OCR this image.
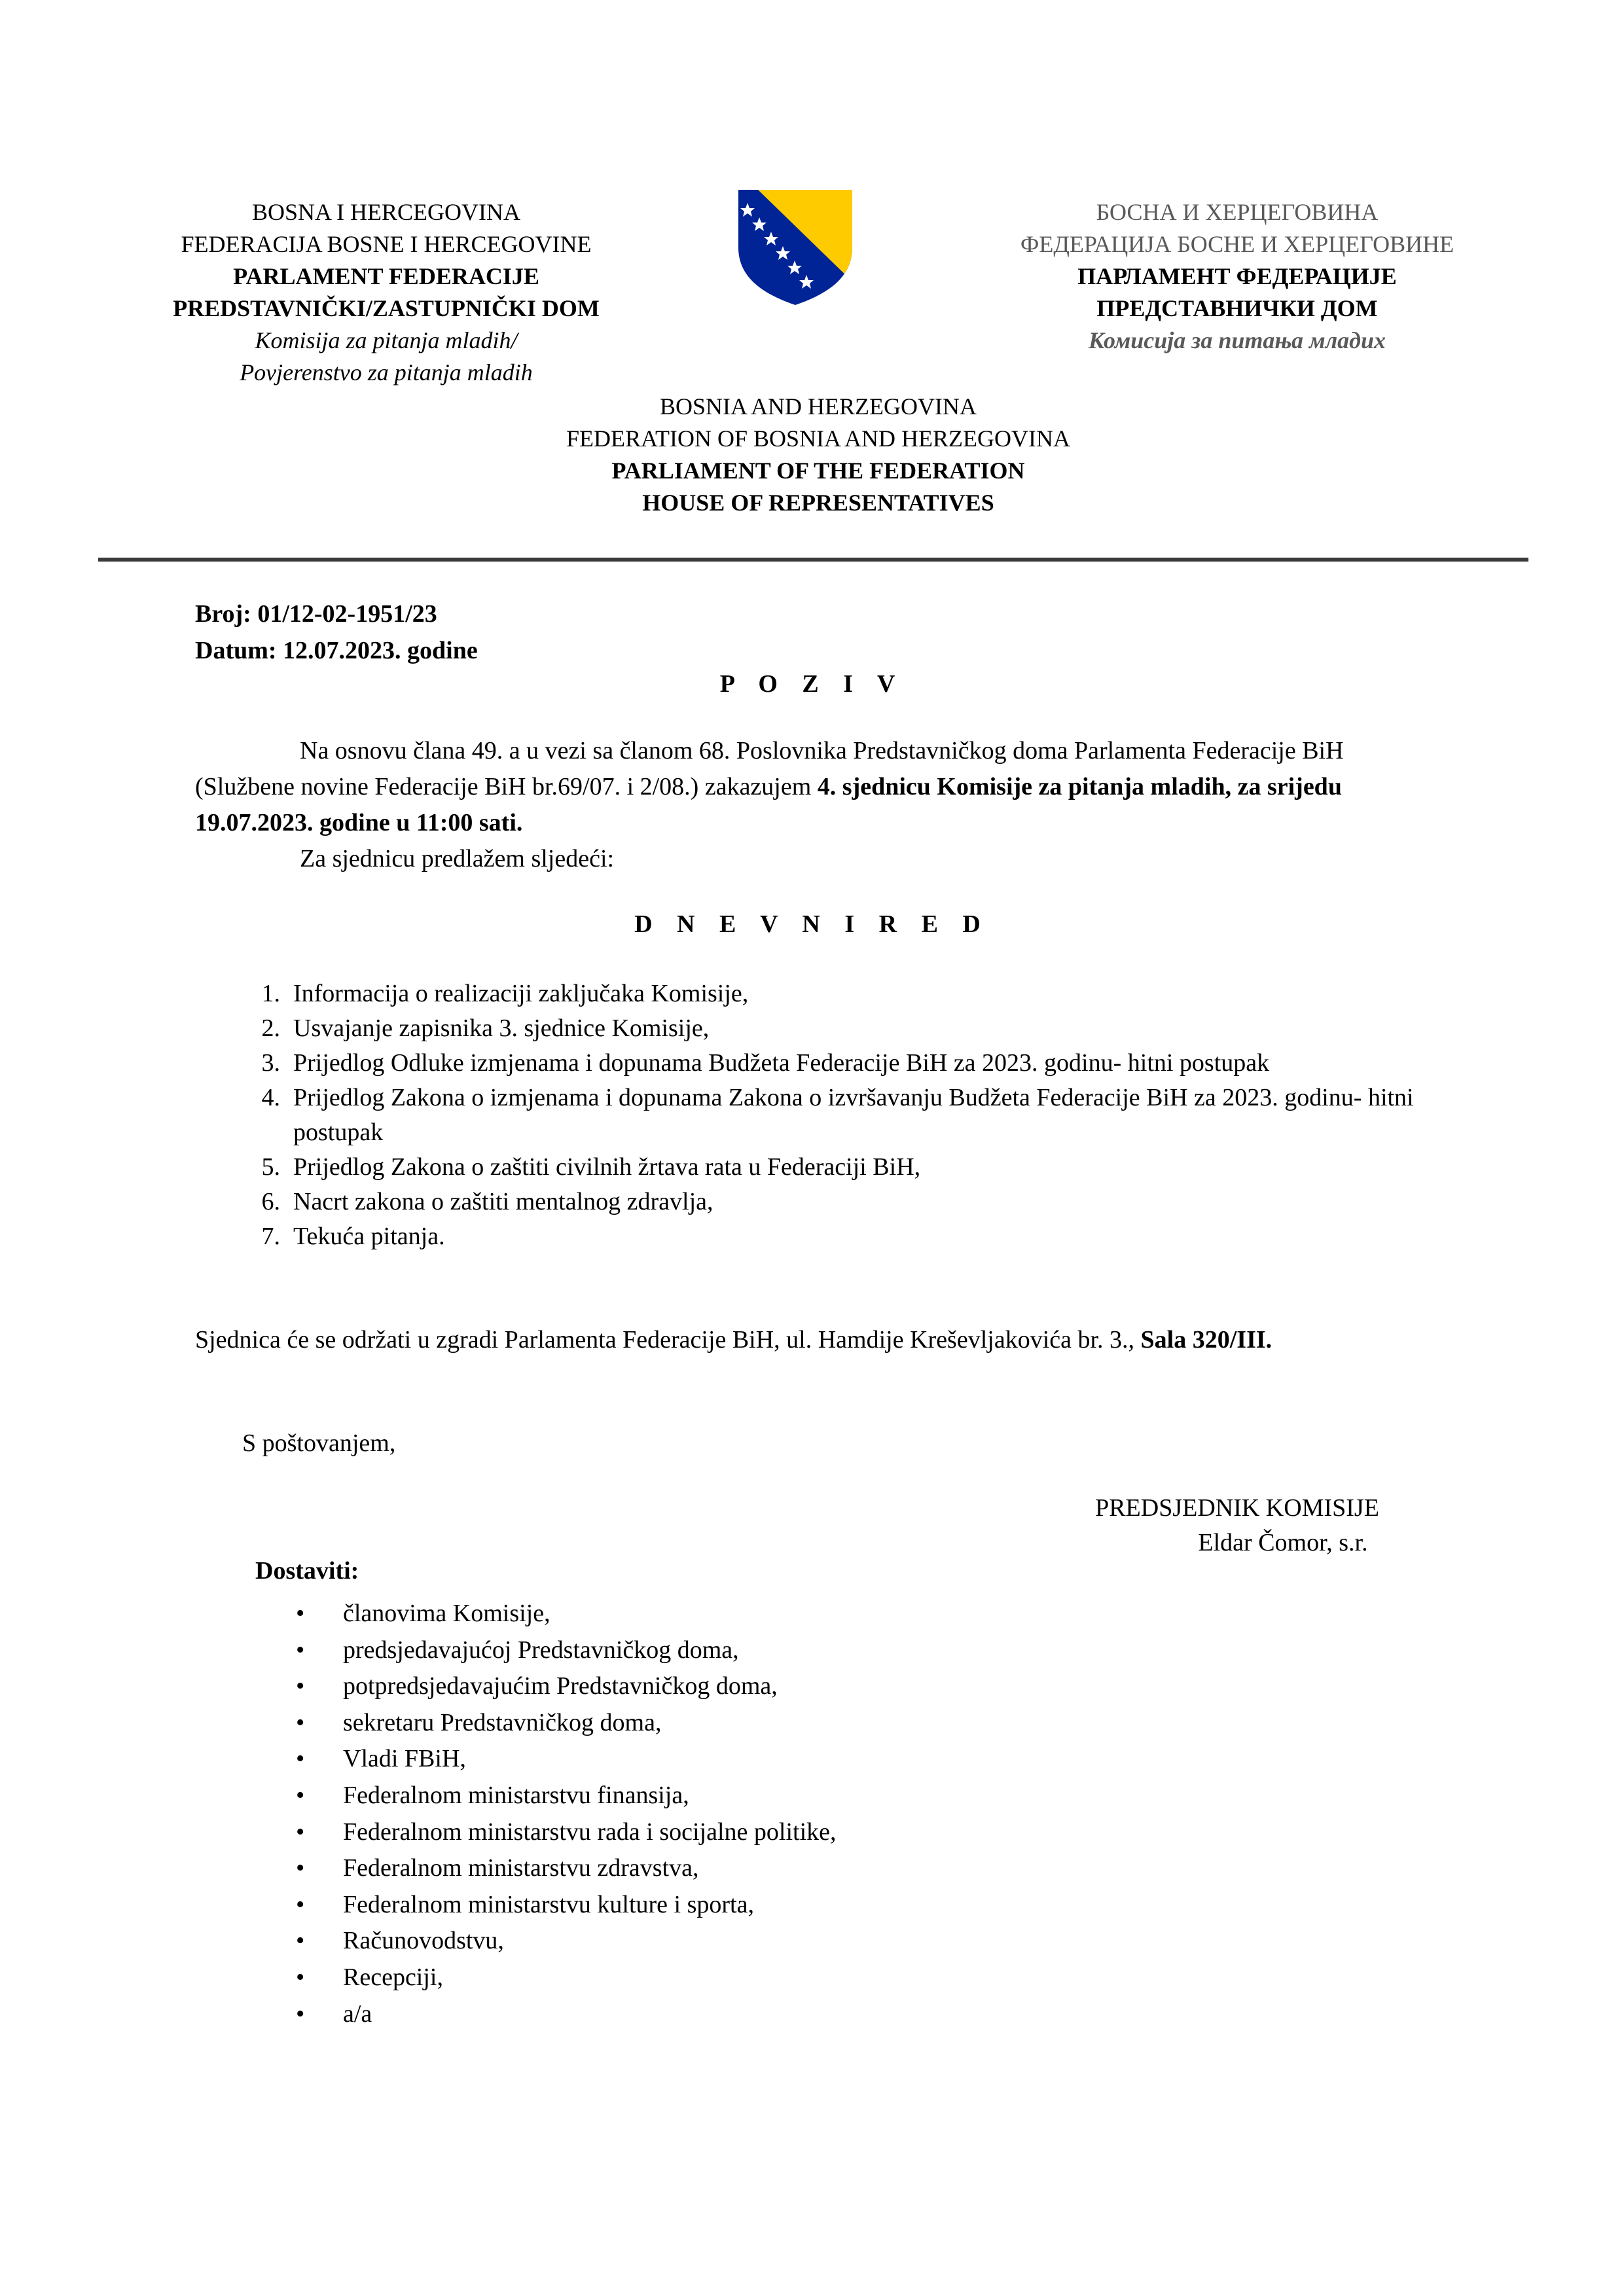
BOSNA I HERCEGOVINA
FEDERACIJA BOSNE I HERCEGOVINE
PARLAMENT FEDERACIJE
PREDSTAVNIČKI/ZASTUPNIČKI DOM
Komisija za pitanja mladih/
Povjerenstvo za pitanja mladih
БОСНА И ХЕРЦЕГОВИНА
ФЕДЕРАЦИЈА БОСНЕ И ХЕРЦЕГОВИНЕ
ПАРЛАМЕНТ ФЕДЕРАЦИЈЕ
ПРЕДСТАВНИЧКИ ДОМ
Комисија за питања младих
BOSNIA AND HERZEGOVINA
FEDERATION OF BOSNIA AND HERZEGOVINA
PARLIAMENT OF THE FEDERATION
HOUSE OF REPRESENTATIVES
Broj: 01/12-02-1951/23
Datum: 12.07.2023. godine
P O Z I V
Na osnovu člana 49. a u vezi sa članom 68. Poslovnika Predstavničkog doma Parlamenta Federacije BiH (Službene novine Federacije BiH br.69/07. i 2/08.) zakazujem 4. sjednicu Komisije za pitanja mladih, za srijedu 19.07.2023. godine u 11:00 sati.
Za sjednicu predlažem sljedeći:
D N E V N I R E D
1. Informacija o realizaciji zaključaka Komisije,
2. Usvajanje zapisnika 3. sjednice Komisije,
3. Prijedlog Odluke izmjenama i dopunama Budžeta Federacije BiH za 2023. godinu- hitni postupak
4. Prijedlog Zakona o izmjenama i dopunama Zakona o izvršavanju Budžeta Federacije BiH za 2023. godinu- hitni postupak
5. Prijedlog Zakona o zaštiti civilnih žrtava rata u Federaciji BiH,
6. Nacrt zakona o zaštiti mentalnog zdravlja,
7. Tekuća pitanja.
Sjednica će se održati u zgradi Parlamenta Federacije BiH, ul. Hamdije Kreševljakovića br. 3., Sala 320/III.
S poštovanjem,
PREDSJEDNIK KOMISIJE
Eldar Čomor, s.r.
Dostaviti:
• članovima Komisije,
• predsjedavajućoj Predstavničkog doma,
• potpredsjedavajućim Predstavničkog doma,
• sekretaru Predstavničkog doma,
• Vladi FBiH,
• Federalnom ministarstvu finansija,
• Federalnom ministarstvu rada i socijalne politike,
• Federalnom ministarstvu zdravstva,
• Federalnom ministarstvu kulture i sporta,
• Računovodstvu,
• Recepciji,
• a/a
